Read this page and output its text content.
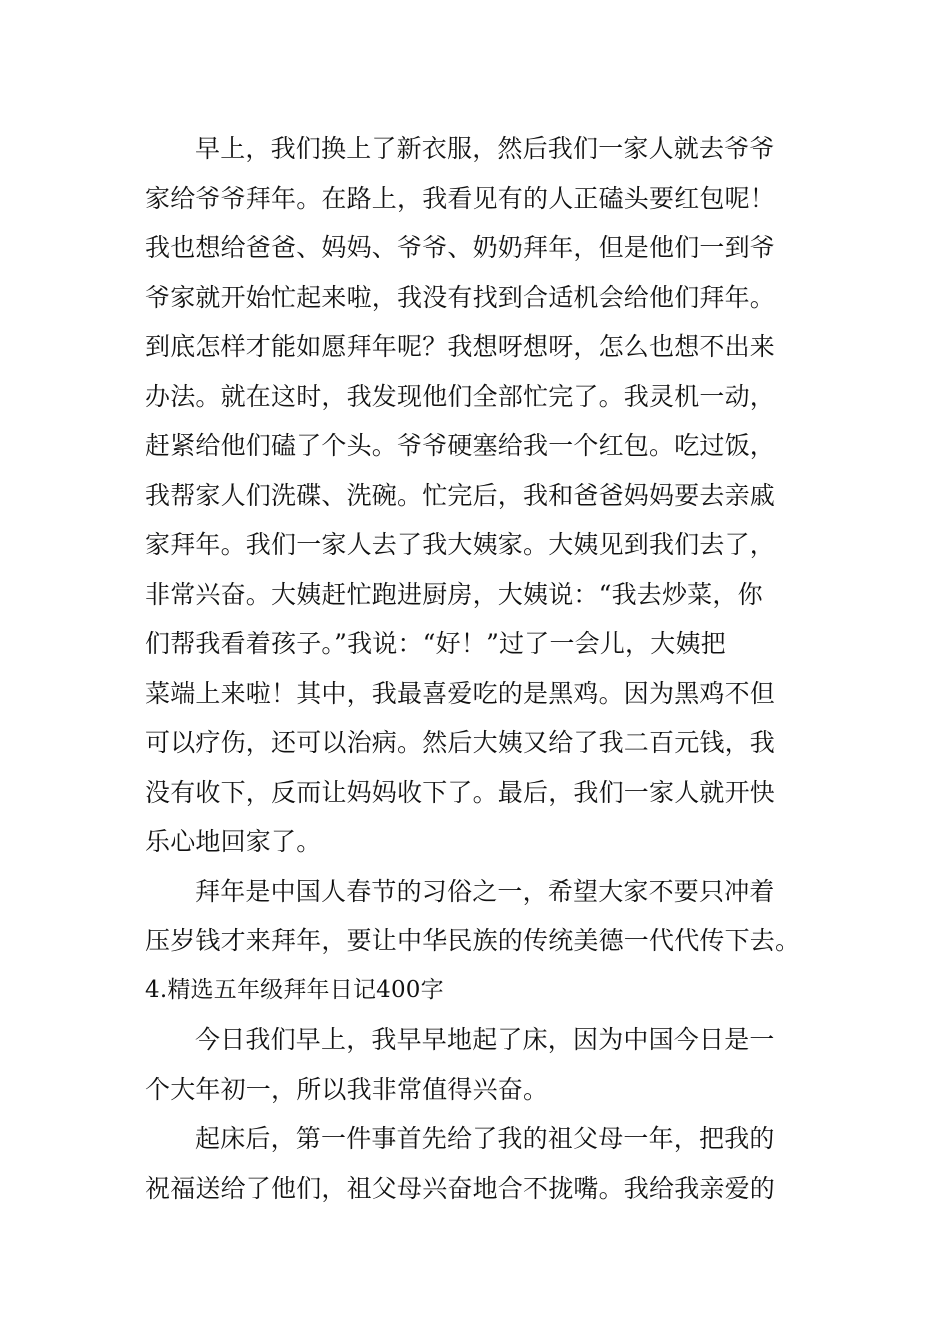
早上，我们换上了新衣服，然后我们一家人就去爷爷
家给爷爷拜年。在路上，我看见有的人正磕头要红包呢！
我也想给爸爸、妈妈、爷爷、奶奶拜年，但是他们一到爷
爷家就开始忙起来啦，我没有找到合适机会给他们拜年。
到底怎样才能如愿拜年呢？我想呀想呀，怎么也想不出来
办法。就在这时，我发现他们全部忙完了。我灵机一动，
赶紧给他们磕了个头。爷爷硬塞给我一个红包。吃过饭，
我帮家人们洗碟、洗碗。忙完后，我和爸爸妈妈要去亲戚
家拜年。我们一家人去了我大姨家。大姨见到我们去了，
非常兴奋。大姨赶忙跑进厨房，大姨说：“我去炒菜，你
们帮我看着孩子。”我说：“好！”过了一会儿，大姨把
菜端上来啦！其中，我最喜爱吃的是黑鸡。因为黑鸡不但
可以疗伤，还可以治病。然后大姨又给了我二百元钱，我
没有收下，反而让妈妈收下了。最后，我们一家人就开快
乐心地回家了。
拜年是中国人春节的习俗之一，希望大家不要只冲着
压岁钱才来拜年，要让中华民族的传统美德一代代传下去。
4.精选五年级拜年日记400字
今日我们早上，我早早地起了床，因为中国今日是一
个大年初一，所以我非常值得兴奋。
起床后，第一件事首先给了我的祖父母一年，把我的
祝福送给了他们，祖父母兴奋地合不拢嘴。我给我亲爱的
